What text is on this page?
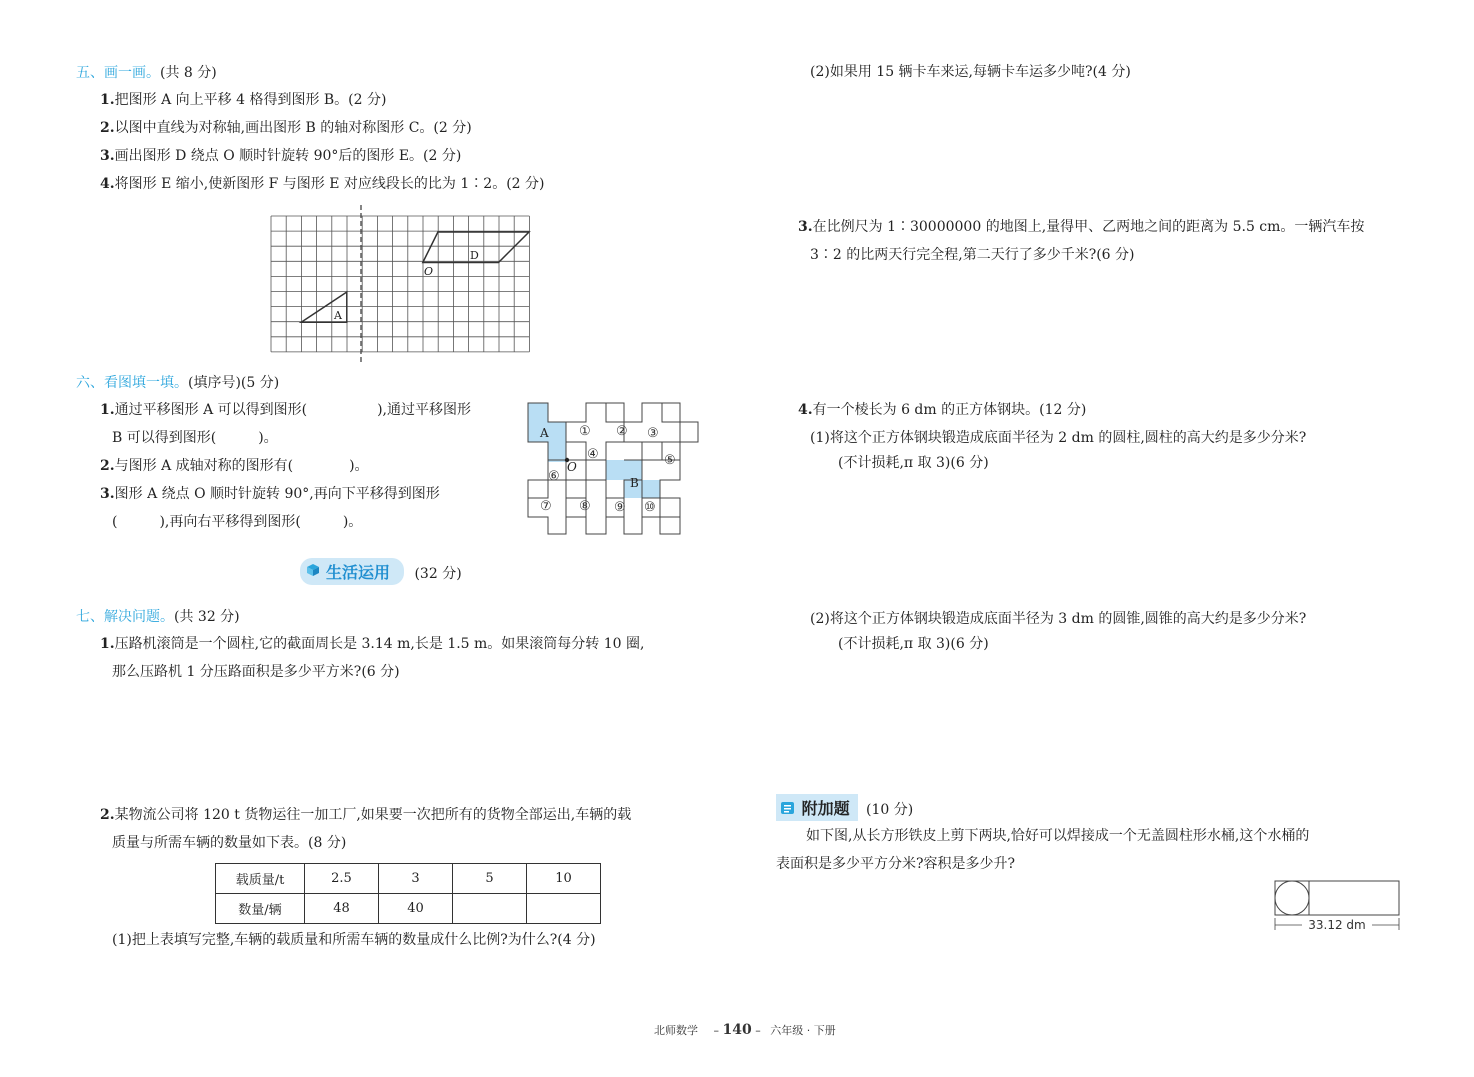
五、画一画。(共 8 分)
1.把图形 A 向上平移 4 格得到图形 B。(2 分)
2.以图中直线为对称轴,画出图形 B 的轴对称图形 C。(2 分)
3.画出图形 D 绕点 O 顺时针旋转 90°后的图形 E。(2 分)
4.将图形 E 缩小,使新图形 F 与图形 E 对应线段长的比为 1∶2。(2 分)
A
D
O
六、看图填一填。(填序号)(5 分)
1.通过平移图形 A 可以得到图形(　　　　　),通过平移图形
B 可以得到图形(　　　)。
2.与图形 A 成轴对称的图形有(　　　　)。
3.图形 A 绕点 O 顺时针旋转 90°,再向下平移得到图形
(　　　),再向右平移得到图形(　　　)。
A
B
O
① ② ③
④	⑤
⑥
⑦ ⑧ ⑨ ⑩
生活运用 (32 分)
七、解决问题。(共 32 分)
1.压路机滚筒是一个圆柱,它的截面周长是 3.14 m,长是 1.5 m。如果滚筒每分转 10 圈,
那么压路机 1 分压路面积是多少平方米?(6 分)
2.某物流公司将 120 t 货物运往一加工厂,如果要一次把所有的货物全部运出,车辆的载
质量与所需车辆的数量如下表。(8 分)
载质量/t	2.5	3	5	10
数量/辆	48	40		
(1)把上表填写完整,车辆的载质量和所需车辆的数量成什么比例?为什么?(4 分)
(2)如果用 15 辆卡车来运,每辆卡车运多少吨?(4 分)
3.在比例尺为 1∶30000000 的地图上,量得甲、乙两地之间的距离为 5.5 cm。一辆汽车按
3∶2 的比两天行完全程,第二天行了多少千米?(6 分)
4.有一个棱长为 6 dm 的正方体钢块。(12 分)
(1)将这个正方体钢块锻造成底面半径为 2 dm 的圆柱,圆柱的高大约是多少分米?
(不计损耗,π 取 3)(6 分)
(2)将这个正方体钢块锻造成底面半径为 3 dm 的圆锥,圆锥的高大约是多少分米?
(不计损耗,π 取 3)(6 分)
附加题 (10 分)
如下图,从长方形铁皮上剪下两块,恰好可以焊接成一个无盖圆柱形水桶,这个水桶的
表面积是多少平方分米?容积是多少升?
33.12 dm
北师数学 – 140 – 六年级 · 下册
